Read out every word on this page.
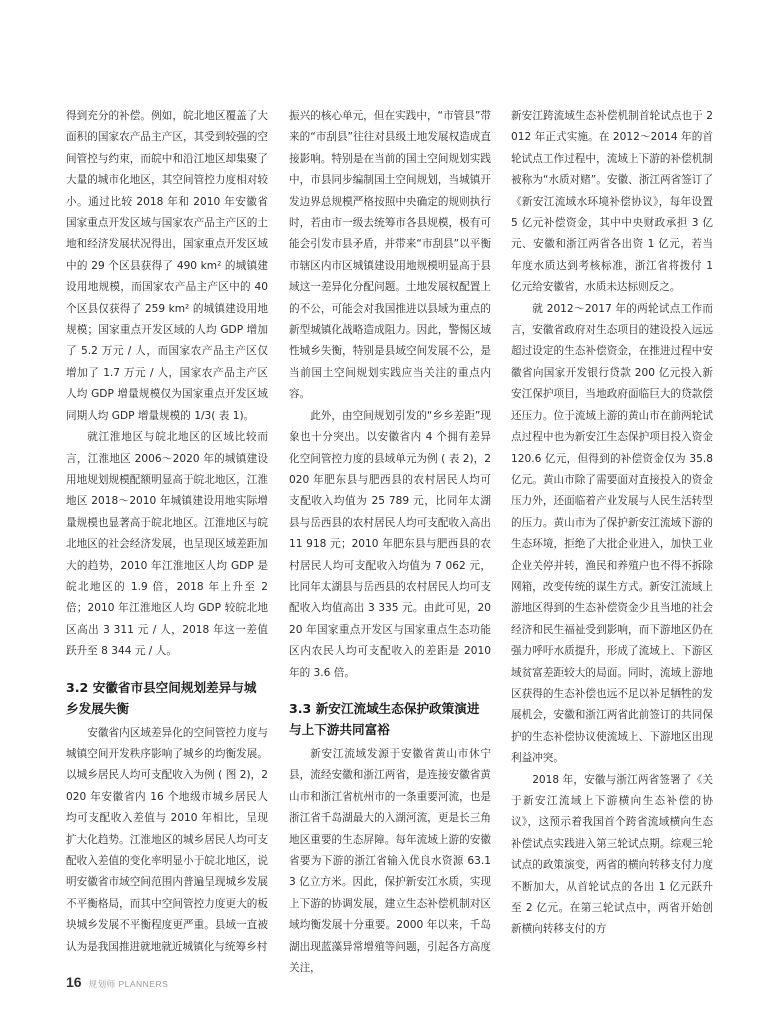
得到充分的补偿。例如，皖北地区覆盖了大面积的国家农产品主产区，其受到较强的空间管控与约束，而皖中和沿江地区却集聚了大量的城市化地区，其空间管控力度相对较小。通过比较 2018 年和 2010 年安徽省国家重点开发区域与国家农产品主产区的土地和经济发展状况得出，国家重点开发区域中的 29 个区县获得了 490 km² 的城镇建设用地规模，而国家农产品主产区中的 40 个区县仅获得了 259 km² 的城镇建设用地规模；国家重点开发区域的人均 GDP 增加了 5.2 万元 / 人，而国家农产品主产区仅增加了 1.7 万元 / 人，国家农产品主产区人均 GDP 增量规模仅为国家重点开发区域同期人均 GDP 增量规模的 1/3( 表 1)。

就江淮地区与皖北地区的区域比较而言，江淮地区 2006～2020 年的城镇建设用地规划规模配额明显高于皖北地区，江淮地区 2018～2010 年城镇建设用地实际增量规模也显著高于皖北地区。江淮地区与皖北地区的社会经济发展，也呈现区域差距加大的趋势，2010 年江淮地区人均 GDP 是皖北地区的 1.9 倍，2018 年上升至 2 倍；2010 年江淮地区人均 GDP 较皖北地区高出 3 311 元 / 人，2018 年这一差值跃升至 8 344 元 / 人。

3.2 安徽省市县空间规划差异与城乡发展失衡

安徽省内区域差异化的空间管控力度与城镇空间开发秩序影响了城乡的均衡发展。以城乡居民人均可支配收入为例 ( 图 2)，2020 年安徽省内 16 个地级市城乡居民人均可支配收入差值与 2010 年相比，呈现扩大化趋势。江淮地区的城乡居民人均可支配收入差值的变化率明显小于皖北地区，说明安徽省市域空间范围内普遍呈现城乡发展不平衡格局，而其中空间管控力度更大的板块城乡发展不平衡程度更严重。县域一直被认为是我国推进就地就近城镇化与统筹乡村

振兴的核心单元，但在实践中，“市管县”带来的“市刮县”往往对县级土地发展权造成直接影响。特别是在当前的国土空间规划实践中，市县同步编制国土空间规划，当城镇开发边界总规模严格按照中央确定的规则执行时，若由市一级去统筹市各县规模，极有可能会引发市县矛盾，并带来“市刮县”以平衡市辖区内市区城镇建设用地规模明显高于县域这一差异化分配问题。土地发展权配置上的不公，可能会对我国推进以县域为重点的新型城镇化战略造成阻力。因此，警惕区域性城乡失衡，特别是县域空间发展不公，是当前国土空间规划实践应当关注的重点内容。

此外，由空间规划引发的“乡乡差距”现象也十分突出。以安徽省内 4 个拥有差异化空间管控力度的县域单元为例 ( 表 2)，2020 年肥东县与肥西县的农村居民人均可支配收入均值为 25 789 元，比同年太湖县与岳西县的农村居民人均可支配收入高出 11 918 元；2010 年肥东县与肥西县的农村居民人均可支配收入均值为 7 062 元，比同年太湖县与岳西县的农村居民人均可支配收入均值高出 3 335 元。由此可见，2020 年国家重点开发区与国家重点生态功能区内农民人均可支配收入的差距是 2010 年的 3.6 倍。

3.3 新安江流域生态保护政策演进与上下游共同富裕

新安江流域发源于安徽省黄山市休宁县，流经安徽和浙江两省，是连接安徽省黄山市和浙江省杭州市的一条重要河流，也是浙江省千岛湖最大的入湖河流，更是长三角地区重要的生态屏障。每年流域上游的安徽省要为下游的浙江省输入优良水资源 63.13 亿立方米。因此，保护新安江水质，实现上下游的协调发展，建立生态补偿机制对区域均衡发展十分重要。2000 年以来，千岛湖出现蓝藻异常增殖等问题，引起各方高度关注，

新安江跨流域生态补偿机制首轮试点也于 2012 年正式实施。在 2012～2014 年的首轮试点工作过程中，流域上下游的补偿机制被称为“水质对赌”。安徽、浙江两省签订了《新安江流域水环境补偿协议》，每年设置 5 亿元补偿资金，其中中央财政承担 3 亿元、安徽和浙江两省各出资 1 亿元，若当年度水质达到考核标准，浙江省将拨付 1 亿元给安徽省，水质未达标则反之。

就 2012～2017 年的两轮试点工作而言，安徽省政府对生态项目的建设投入远远超过设定的生态补偿资金，在推进过程中安徽省向国家开发银行贷款 200 亿元投入新安江保护项目，当地政府面临巨大的贷款偿还压力。位于流域上游的黄山市在前两轮试点过程中也为新安江生态保护项目投入资金 120.6 亿元，但得到的补偿资金仅为 35.8 亿元。黄山市除了需要面对直接投入的资金压力外，还面临着产业发展与人民生活转型的压力。黄山市为了保护新安江流域下游的生态环境，拒绝了大批企业进入，加快工业企业关停并转，渔民和养殖户也不得不拆除网箱，改变传统的谋生方式。新安江流域上游地区得到的生态补偿资金少且当地的社会经济和民生福祉受到影响，而下游地区仍在强力呼吁水质提升，形成了流域上、下游区域贫富差距较大的局面。同时，流域上游地区获得的生态补偿也远不足以补足牺牲的发展机会，安徽和浙江两省此前签订的共同保护的生态补偿协议使流域上、下游地区出现利益冲突。

2018 年，安徽与浙江两省签署了《关于新安江流域上下游横向生态补偿的协议》，这预示着我国首个跨省流域横向生态补偿试点实践进入第三轮试点期。综观三轮试点的政策演变，两省的横向转移支付力度不断加大，从首轮试点的各出 1 亿元跃升至 2 亿元。在第三轮试点中，两省开始创新横向转移支付的方

16 规划师 PLANNERS
